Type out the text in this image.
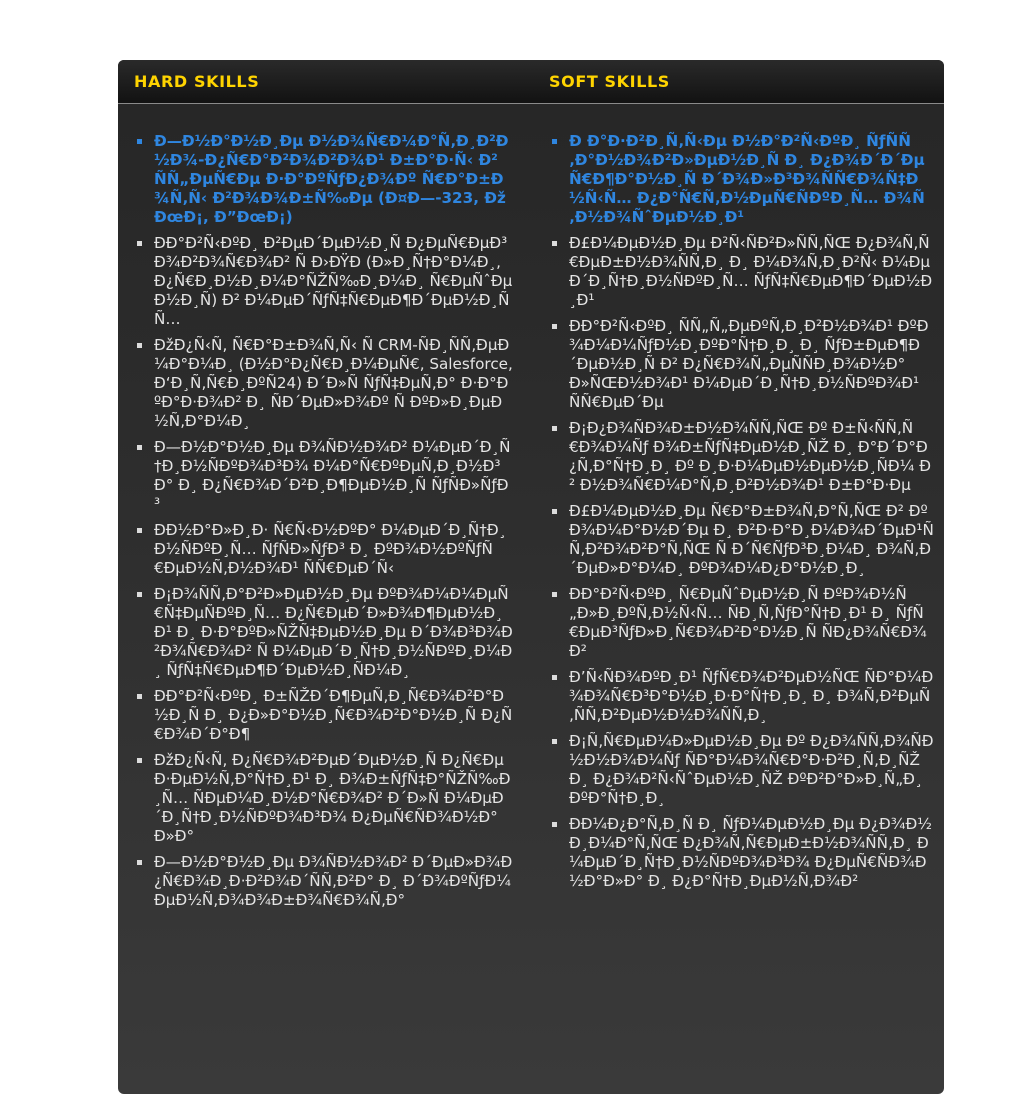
HARD SKILLS	SOFT SKILLS
Ð—Ð½Ð°Ð½Ð¸Ðµ Ð½Ð¾Ñ€Ð¼Ð°Ñ‚Ð¸Ð²Ð½Ð¾-Ð¿Ñ€Ð°Ð²Ð¾Ð²Ð¾Ð¹ Ð±Ð°Ð·Ñ‹ Ð² ÑÑ„ÐµÑ€Ðµ Ð·Ð°ÐºÑƒÐ¿Ð¾Ðº Ñ€Ð°Ð±Ð¾Ñ‚Ñ‹ Ð²Ð¾Ð¾Ð±Ñ‰Ðµ (Ð¤Ð—-323, ÐžÐœÐ¡, Ð”ÐœÐ¡)
ÐÐ°Ð²Ñ‹ÐºÐ¸ Ð²ÐµÐ´ÐµÐ½Ð¸Ñ Ð¿ÐµÑ€ÐµÐ³Ð¾Ð²Ð¾Ñ€Ð¾Ð² Ñ Ð›ÐŸÐ (Ð»Ð¸Ñ†Ð°Ð¼Ð¸, Ð¿Ñ€Ð¸Ð½Ð¸Ð¼Ð°ÑŽÑ‰Ð¸Ð¼Ð¸ Ñ€ÐµÑˆÐµÐ½Ð¸Ñ) Ð² Ð¼ÐµÐ´ÑƒÑ‡Ñ€ÐµÐ¶Ð´ÐµÐ½Ð¸ÑÑ…
ÐžÐ¿Ñ‹Ñ‚ Ñ€Ð°Ð±Ð¾Ñ‚Ñ‹ Ñ CRM-ÑÐ¸ÑÑ‚ÐµÐ¼Ð°Ð¼Ð¸ (Ð½Ð°Ð¿Ñ€Ð¸Ð¼ÐµÑ€, Salesforce, Ð‘Ð¸Ñ‚Ñ€Ð¸ÐºÑ24) Ð´Ð»Ñ ÑƒÑ‡ÐµÑ‚Ð° Ð·Ð°ÐºÐ°Ð·Ð¾Ð² Ð¸ ÑÐ´ÐµÐ»Ð¾Ðº Ñ ÐºÐ»Ð¸ÐµÐ½Ñ‚Ð°Ð¼Ð¸
Ð—Ð½Ð°Ð½Ð¸Ðµ Ð¾ÑÐ½Ð¾Ð² Ð¼ÐµÐ´Ð¸Ñ†Ð¸Ð½ÑÐºÐ¾Ð³Ð¾ Ð¼Ð°Ñ€ÐºÐµÑ‚Ð¸Ð½Ð³Ð° Ð¸ Ð¿Ñ€Ð¾Ð´Ð²Ð¸Ð¶ÐµÐ½Ð¸Ñ ÑƒÑÐ»ÑƒÐ³
ÐÐ½Ð°Ð»Ð¸Ð· Ñ€Ñ‹Ð½ÐºÐ° Ð¼ÐµÐ´Ð¸Ñ†Ð¸Ð½ÑÐºÐ¸Ñ… ÑƒÑÐ»ÑƒÐ³ Ð¸ ÐºÐ¾Ð½ÐºÑƒÑ€ÐµÐ½Ñ‚Ð½Ð¾Ð¹ ÑÑ€ÐµÐ´Ñ‹
Ð¡Ð¾ÑÑ‚Ð°Ð²Ð»ÐµÐ½Ð¸Ðµ ÐºÐ¾Ð¼Ð¼ÐµÑ€Ñ‡ÐµÑÐºÐ¸Ñ… Ð¿Ñ€ÐµÐ´Ð»Ð¾Ð¶ÐµÐ½Ð¸Ð¹ Ð¸ Ð·Ð°ÐºÐ»ÑŽÑ‡ÐµÐ½Ð¸Ðµ Ð´Ð¾Ð³Ð¾Ð²Ð¾Ñ€Ð¾Ð² Ñ Ð¼ÐµÐ´Ð¸Ñ†Ð¸Ð½ÑÐºÐ¸Ð¼Ð¸ ÑƒÑ‡Ñ€ÐµÐ¶Ð´ÐµÐ½Ð¸ÑÐ¼Ð¸
ÐÐ°Ð²Ñ‹ÐºÐ¸ Ð±ÑŽÐ´Ð¶ÐµÑ‚Ð¸Ñ€Ð¾Ð²Ð°Ð½Ð¸Ñ Ð¸ Ð¿Ð»Ð°Ð½Ð¸Ñ€Ð¾Ð²Ð°Ð½Ð¸Ñ Ð¿Ñ€Ð¾Ð´Ð°Ð¶
ÐžÐ¿Ñ‹Ñ‚ Ð¿Ñ€Ð¾Ð²ÐµÐ´ÐµÐ½Ð¸Ñ Ð¿Ñ€ÐµÐ·ÐµÐ½Ñ‚Ð°Ñ†Ð¸Ð¹ Ð¸ Ð¾Ð±ÑƒÑ‡Ð°ÑŽÑ‰Ð¸Ñ… ÑÐµÐ¼Ð¸Ð½Ð°Ñ€Ð¾Ð² Ð´Ð»Ñ Ð¼ÐµÐ´Ð¸Ñ†Ð¸Ð½ÑÐºÐ¾Ð³Ð¾ Ð¿ÐµÑ€ÑÐ¾Ð½Ð°Ð»Ð°
Ð—Ð½Ð°Ð½Ð¸Ðµ Ð¾ÑÐ½Ð¾Ð² Ð´ÐµÐ»Ð¾Ð¿Ñ€Ð¾Ð¸Ð·Ð²Ð¾Ð´ÑÑ‚Ð²Ð° Ð¸ Ð´Ð¾ÐºÑƒÐ¼ÐµÐ½Ñ‚Ð¾Ð¾Ð±Ð¾Ñ€Ð¾Ñ‚Ð°
Ð Ð°Ð·Ð²Ð¸Ñ‚Ñ‹Ðµ Ð½Ð°Ð²Ñ‹ÐºÐ¸ ÑƒÑÑ‚Ð°Ð½Ð¾Ð²Ð»ÐµÐ½Ð¸Ñ Ð¸ Ð¿Ð¾Ð´Ð´ÐµÑ€Ð¶Ð°Ð½Ð¸Ñ Ð´Ð¾Ð»Ð³Ð¾ÑÑ€Ð¾Ñ‡Ð½Ñ‹Ñ… Ð¿Ð°Ñ€Ñ‚Ð½ÐµÑ€ÑÐºÐ¸Ñ… Ð¾Ñ‚Ð½Ð¾ÑˆÐµÐ½Ð¸Ð¹
Ð£Ð¼ÐµÐ½Ð¸Ðµ Ð²Ñ‹ÑÐ²Ð»ÑÑ‚ÑŒ Ð¿Ð¾Ñ‚Ñ€ÐµÐ±Ð½Ð¾ÑÑ‚Ð¸ Ð¸ Ð¼Ð¾Ñ‚Ð¸Ð²Ñ‹ Ð¼ÐµÐ´Ð¸Ñ†Ð¸Ð½ÑÐºÐ¸Ñ… ÑƒÑ‡Ñ€ÐµÐ¶Ð´ÐµÐ½Ð¸Ð¹
ÐÐ°Ð²Ñ‹ÐºÐ¸ ÑÑ„Ñ„ÐµÐºÑ‚Ð¸Ð²Ð½Ð¾Ð¹ ÐºÐ¾Ð¼Ð¼ÑƒÐ½Ð¸ÐºÐ°Ñ†Ð¸Ð¸ Ð¸ ÑƒÐ±ÐµÐ¶Ð´ÐµÐ½Ð¸Ñ Ð² Ð¿Ñ€Ð¾Ñ„ÐµÑÑÐ¸Ð¾Ð½Ð°Ð»ÑŒÐ½Ð¾Ð¹ Ð¼ÐµÐ´Ð¸Ñ†Ð¸Ð½ÑÐºÐ¾Ð¹ ÑÑ€ÐµÐ´Ðµ
Ð¡Ð¿Ð¾ÑÐ¾Ð±Ð½Ð¾ÑÑ‚ÑŒ Ðº Ð±Ñ‹ÑÑ‚Ñ€Ð¾Ð¼Ñƒ Ð¾Ð±ÑƒÑ‡ÐµÐ½Ð¸ÑŽ Ð¸ Ð°Ð´Ð°Ð¿Ñ‚Ð°Ñ†Ð¸Ð¸ Ðº Ð¸Ð·Ð¼ÐµÐ½ÐµÐ½Ð¸ÑÐ¼ Ð² Ð½Ð¾Ñ€Ð¼Ð°Ñ‚Ð¸Ð²Ð½Ð¾Ð¹ Ð±Ð°Ð·Ðµ
Ð£Ð¼ÐµÐ½Ð¸Ðµ Ñ€Ð°Ð±Ð¾Ñ‚Ð°Ñ‚ÑŒ Ð² ÐºÐ¾Ð¼Ð°Ð½Ð´Ðµ Ð¸ Ð²Ð·Ð°Ð¸Ð¼Ð¾Ð´ÐµÐ¹ÑÑ‚Ð²Ð¾Ð²Ð°Ñ‚ÑŒ Ñ Ð´Ñ€ÑƒÐ³Ð¸Ð¼Ð¸ Ð¾Ñ‚Ð´ÐµÐ»Ð°Ð¼Ð¸ ÐºÐ¾Ð¼Ð¿Ð°Ð½Ð¸Ð¸
ÐÐ°Ð²Ñ‹ÐºÐ¸ Ñ€ÐµÑˆÐµÐ½Ð¸Ñ ÐºÐ¾Ð½Ñ„Ð»Ð¸ÐºÑ‚Ð½Ñ‹Ñ… ÑÐ¸Ñ‚ÑƒÐ°Ñ†Ð¸Ð¹ Ð¸ ÑƒÑ€ÐµÐ³ÑƒÐ»Ð¸Ñ€Ð¾Ð²Ð°Ð½Ð¸Ñ ÑÐ¿Ð¾Ñ€Ð¾Ð²
Ð’Ñ‹ÑÐ¾ÐºÐ¸Ð¹ ÑƒÑ€Ð¾Ð²ÐµÐ½ÑŒ ÑÐ°Ð¼Ð¾Ð¾Ñ€Ð³Ð°Ð½Ð¸Ð·Ð°Ñ†Ð¸Ð¸ Ð¸ Ð¾Ñ‚Ð²ÐµÑ‚ÑÑ‚Ð²ÐµÐ½Ð½Ð¾ÑÑ‚Ð¸
Ð¡Ñ‚Ñ€ÐµÐ¼Ð»ÐµÐ½Ð¸Ðµ Ðº Ð¿Ð¾ÑÑ‚Ð¾ÑÐ½Ð½Ð¾Ð¼Ñƒ ÑÐ°Ð¼Ð¾Ñ€Ð°Ð·Ð²Ð¸Ñ‚Ð¸ÑŽ Ð¸ Ð¿Ð¾Ð²Ñ‹ÑˆÐµÐ½Ð¸ÑŽ ÐºÐ²Ð°Ð»Ð¸Ñ„Ð¸ÐºÐ°Ñ†Ð¸Ð¸
ÐÐ¼Ð¿Ð°Ñ‚Ð¸Ñ Ð¸ ÑƒÐ¼ÐµÐ½Ð¸Ðµ Ð¿Ð¾Ð½Ð¸Ð¼Ð°Ñ‚ÑŒ Ð¿Ð¾Ñ‚Ñ€ÐµÐ±Ð½Ð¾ÑÑ‚Ð¸ Ð¼ÐµÐ´Ð¸Ñ†Ð¸Ð½ÑÐºÐ¾Ð³Ð¾ Ð¿ÐµÑ€ÑÐ¾Ð½Ð°Ð»Ð° Ð¸ Ð¿Ð°Ñ†Ð¸ÐµÐ½Ñ‚Ð¾Ð²
